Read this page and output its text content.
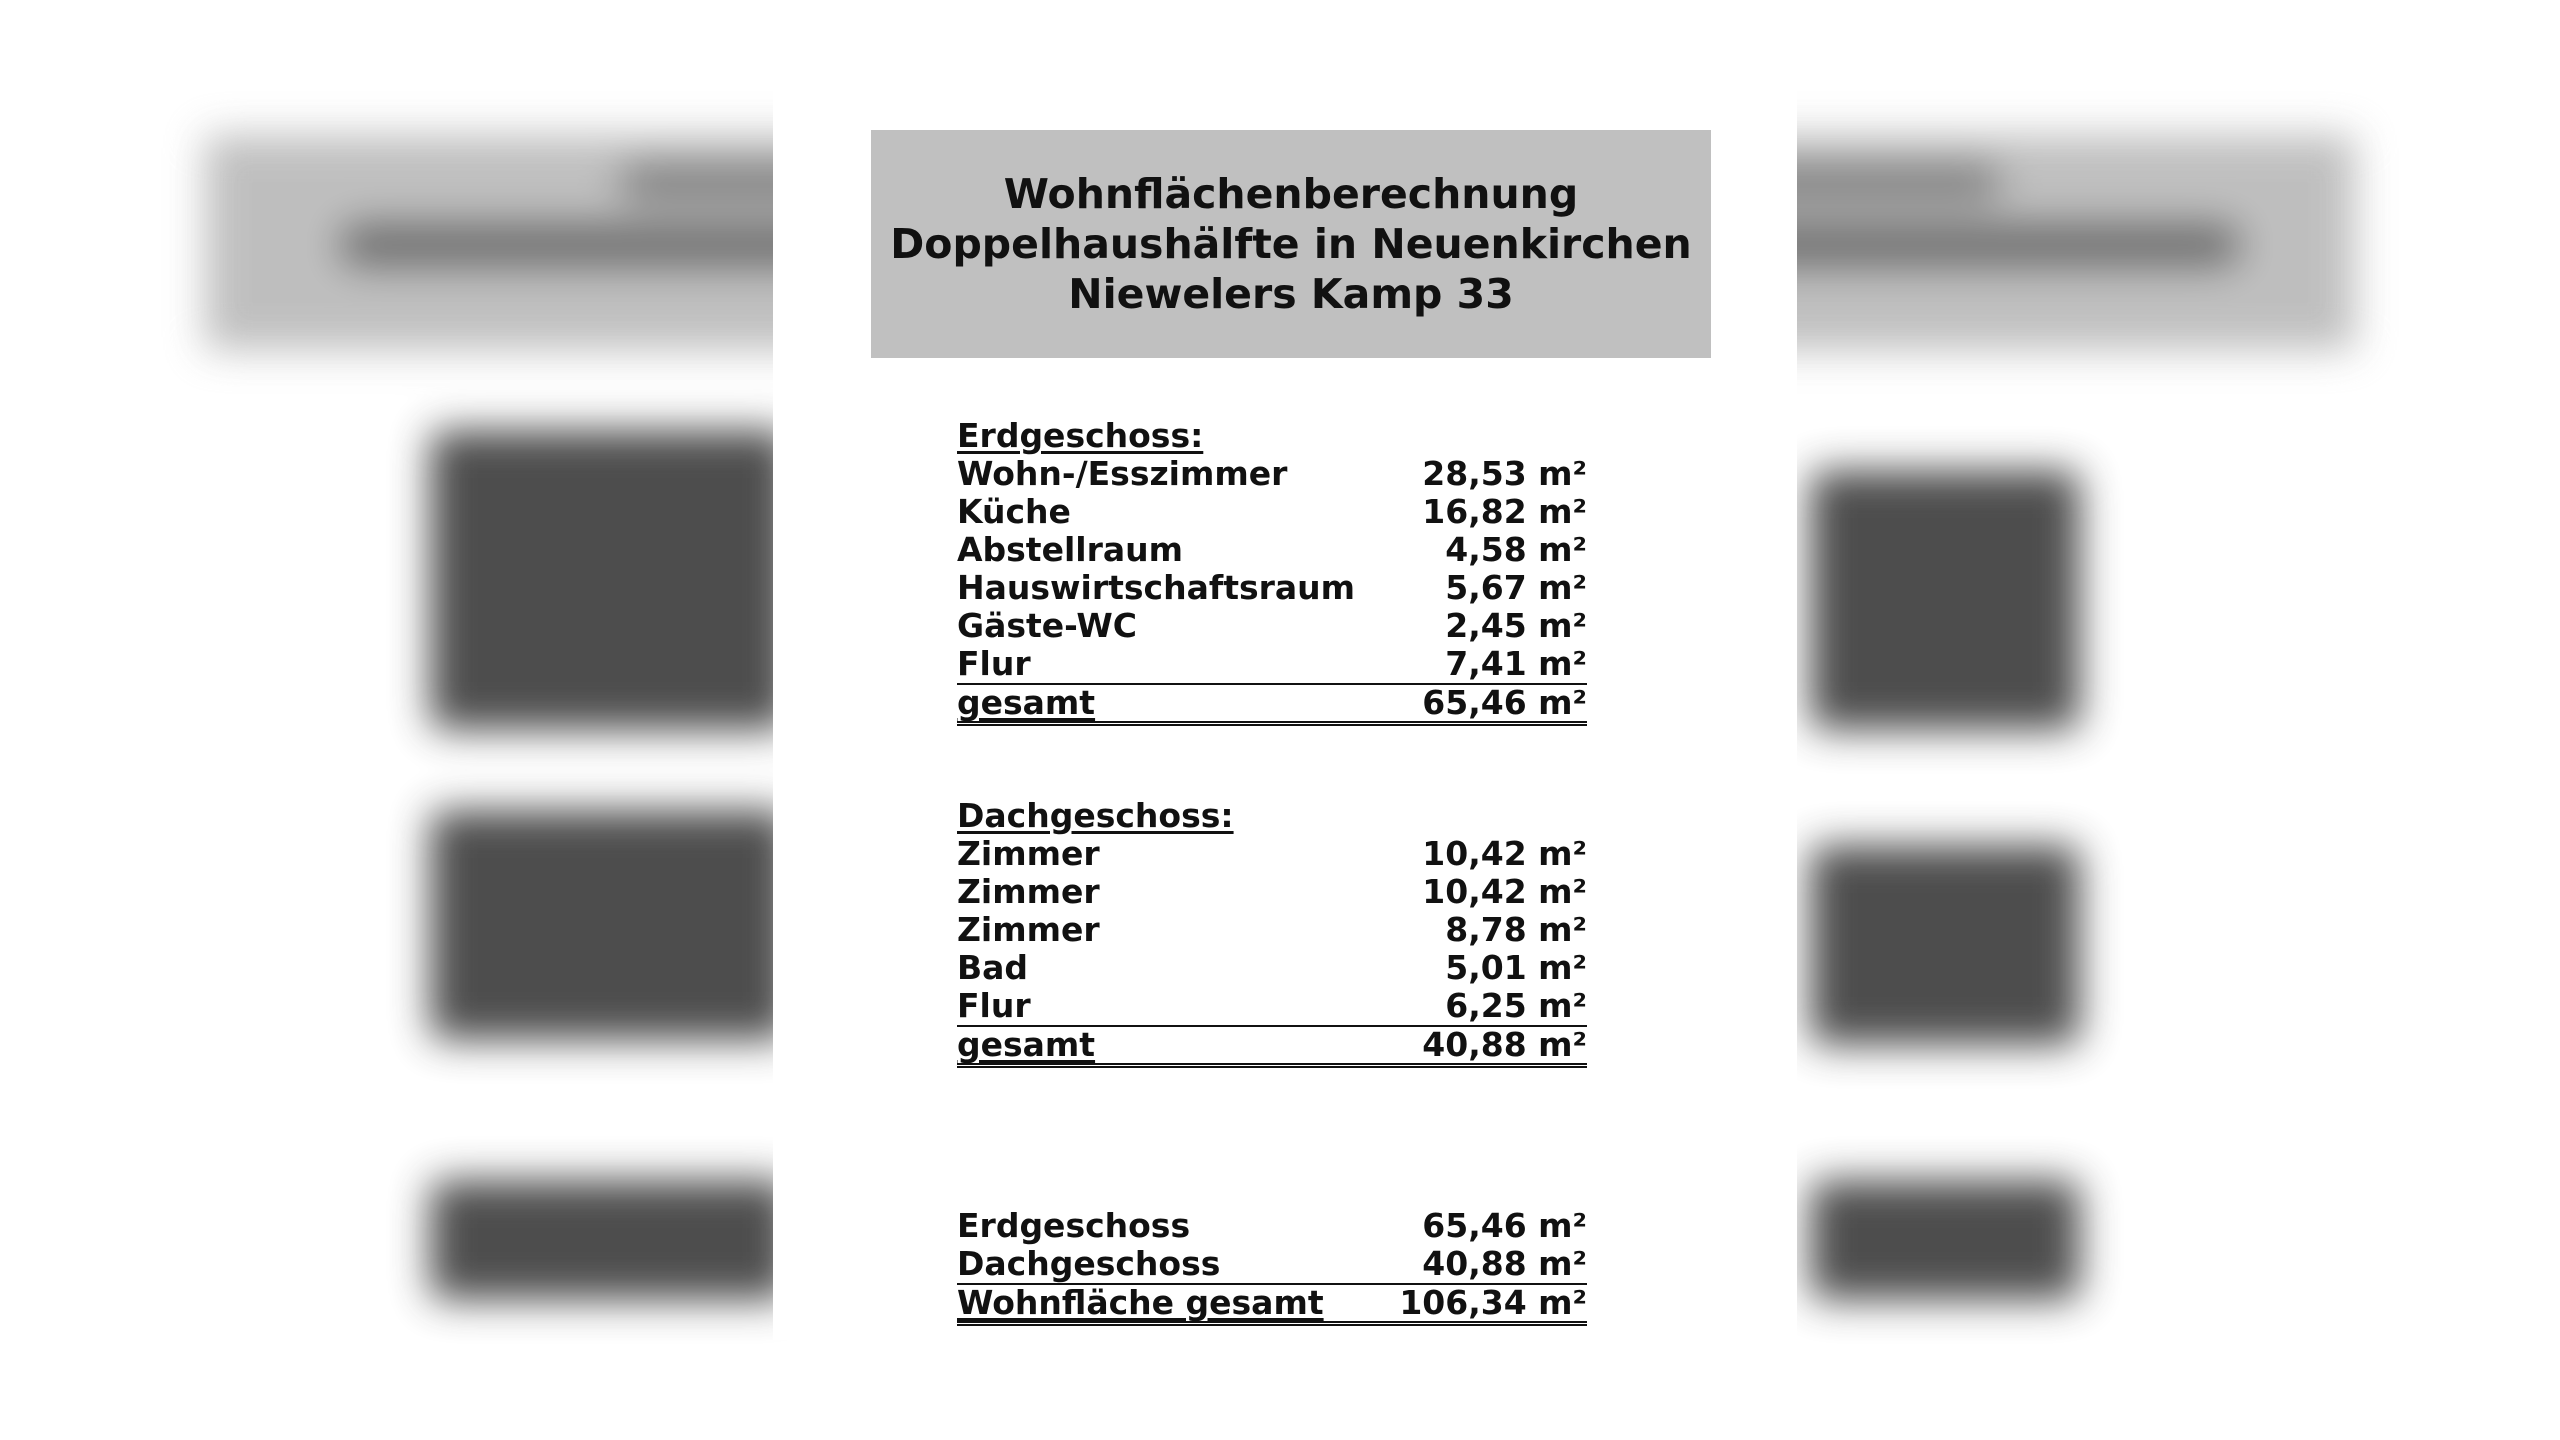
Wohnflächenberechnung
Doppelhaushälfte in Neuenkirchen
Niewelers Kamp 33
Erdgeschoss:
Wohn-/Esszimmer	28,53 m²
Küche	16,82 m²
Abstellraum	4,58 m²
Hauswirtschaftsraum	5,67 m²
Gäste-WC	2,45 m²
Flur	7,41 m²
gesamt	65,46 m²
Dachgeschoss:
Zimmer	10,42 m²
Zimmer	10,42 m²
Zimmer	8,78 m²
Bad	5,01 m²
Flur	6,25 m²
gesamt	40,88 m²
Erdgeschoss	65,46 m²
Dachgeschoss	40,88 m²
Wohnfläche gesamt 106,34 m²
